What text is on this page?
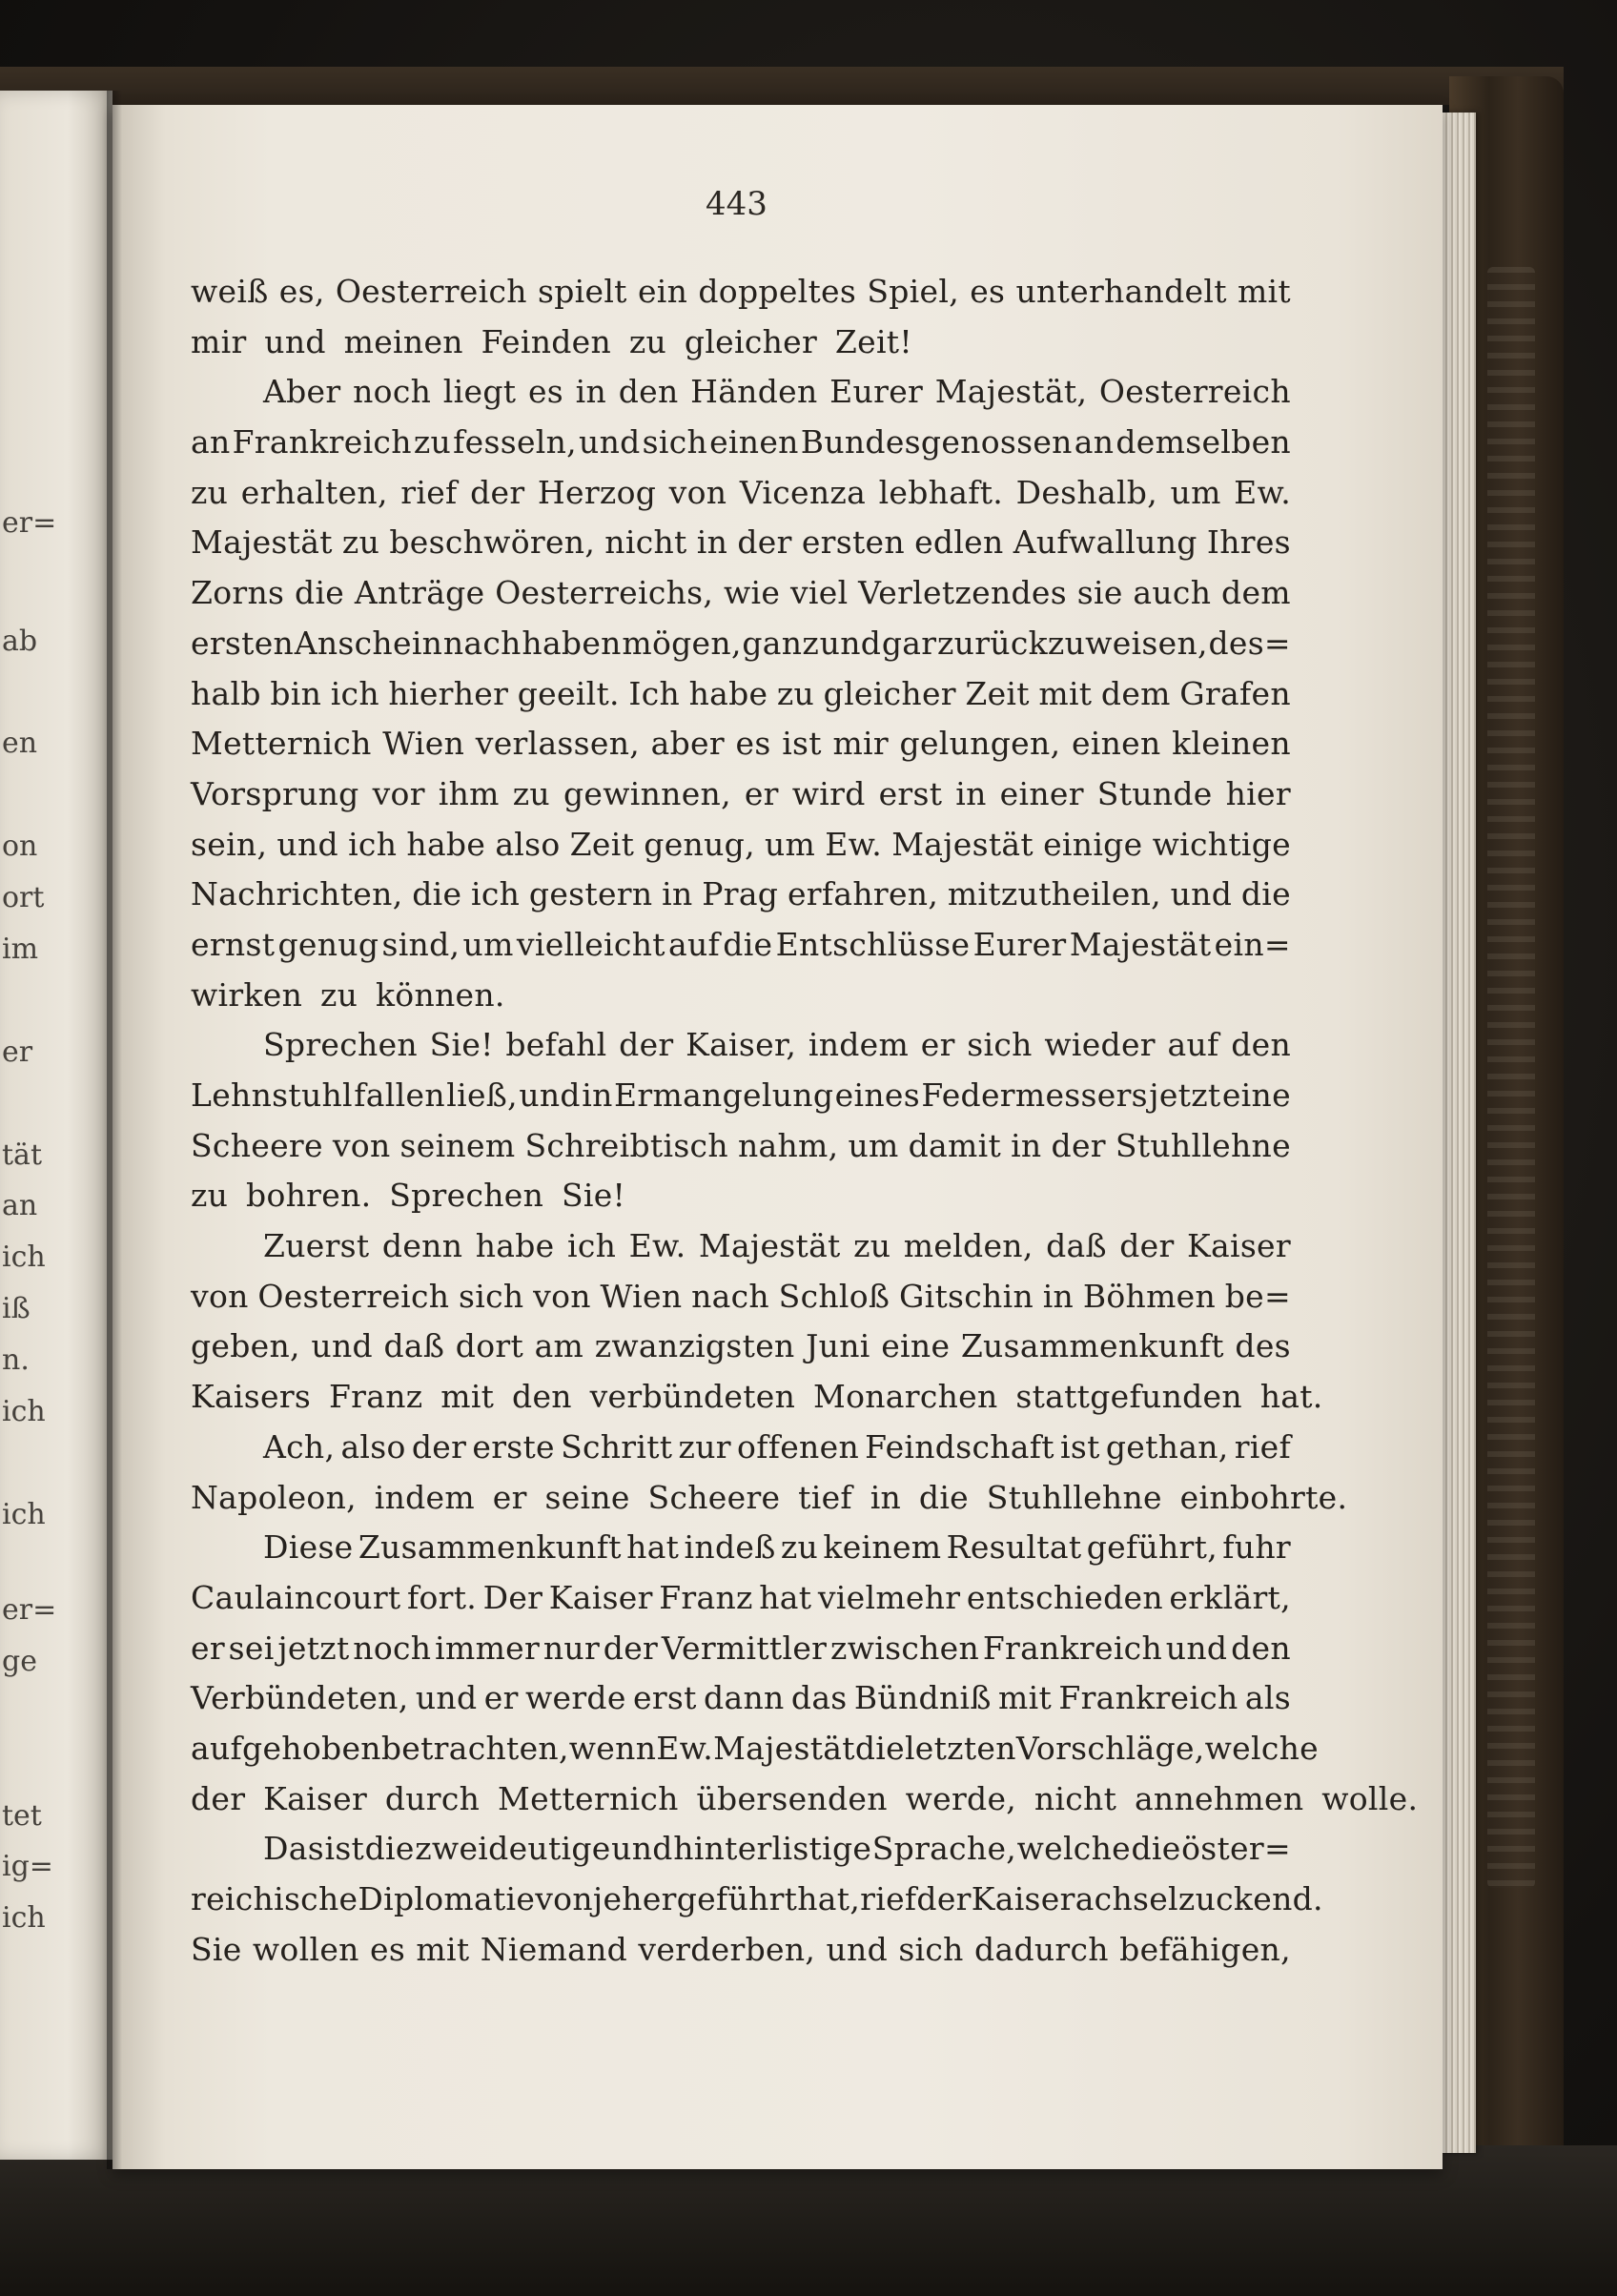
er=
ab
en
on
ort
im
er
tät
an
ich
iß
n.
ich
ich
er=
ge
tet
ig=
ich
443
weiß es, Oesterreich spielt ein doppeltes Spiel, es unterhandelt mit
mir und meinen Feinden zu gleicher Zeit!
Aber noch liegt es in den Händen Eurer Majestät, Oesterreich
an Frankreich zu fesseln, und sich einen Bundesgenossen an demselben
zu erhalten, rief der Herzog von Vicenza lebhaft. Deshalb, um Ew.
Majestät zu beschwören, nicht in der ersten edlen Aufwallung Ihres
Zorns die Anträge Oesterreichs, wie viel Verletzendes sie auch dem
ersten Anschein nach haben mögen, ganz und gar zurückzuweisen, des=
halb bin ich hierher geeilt. Ich habe zu gleicher Zeit mit dem Grafen
Metternich Wien verlassen, aber es ist mir gelungen, einen kleinen
Vorsprung vor ihm zu gewinnen, er wird erst in einer Stunde hier
sein, und ich habe also Zeit genug, um Ew. Majestät einige wichtige
Nachrichten, die ich gestern in Prag erfahren, mitzutheilen, und die
ernst genug sind, um vielleicht auf die Entschlüsse Eurer Majestät ein=
wirken zu können.
Sprechen Sie! befahl der Kaiser, indem er sich wieder auf den
Lehnstuhl fallen ließ, und in Ermangelung eines Federmessers jetzt eine
Scheere von seinem Schreibtisch nahm, um damit in der Stuhllehne
zu bohren. Sprechen Sie!
Zuerst denn habe ich Ew. Majestät zu melden, daß der Kaiser
von Oesterreich sich von Wien nach Schloß Gitschin in Böhmen be=
geben, und daß dort am zwanzigsten Juni eine Zusammenkunft des
Kaisers Franz mit den verbündeten Monarchen stattgefunden hat.
Ach, also der erste Schritt zur offenen Feindschaft ist gethan, rief
Napoleon, indem er seine Scheere tief in die Stuhllehne einbohrte.
Diese Zusammenkunft hat indeß zu keinem Resultat geführt, fuhr
Caulaincourt fort. Der Kaiser Franz hat vielmehr entschieden erklärt,
er sei jetzt noch immer nur der Vermittler zwischen Frankreich und den
Verbündeten, und er werde erst dann das Bündniß mit Frankreich als
aufgehoben betrachten, wenn Ew. Majestät die letzten Vorschläge, welche
der Kaiser durch Metternich übersenden werde, nicht annehmen wolle.
Das ist die zweideutige und hinterlistige Sprache, welche die öster=
reichische Diplomatie von jeher geführt hat, rief der Kaiser achselzuckend.
Sie wollen es mit Niemand verderben, und sich dadurch befähigen,
